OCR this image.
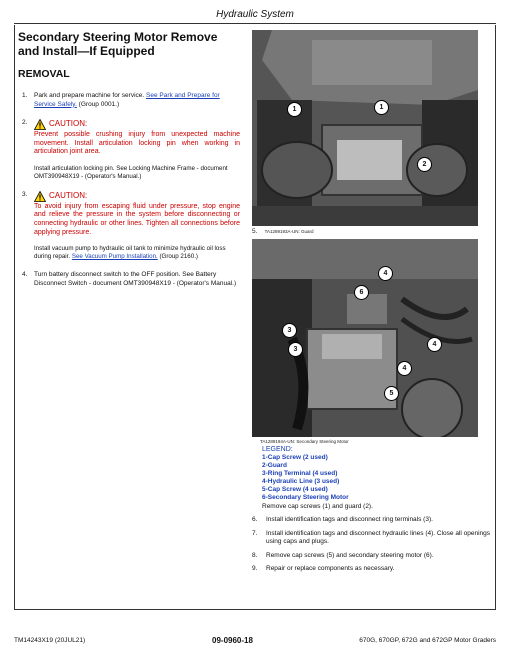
Hydraulic System
Secondary Steering Motor Remove and Install—If Equipped
REMOVAL
1. Park and prepare machine for service. See Park and Prepare for Service Safely. (Group 0001.)
2.	CAUTION:
Prevent possible crushing injury from unexpected machine movement. Install articulation locking pin when working in articulation joint area.
Install articulation locking pin. See Locking Machine Frame - document OMT390948X19 - (Operator's Manual.)
3.	CAUTION:
To avoid injury from escaping fluid under pressure, stop engine and relieve the pressure in the system before disconnecting or connecting hydraulic or other lines. Tighten all connections before applying pressure.
Install vacuum pump to hydraulic oil tank to minimize hydraulic oil loss during repair. See Vacuum Pump Installation. (Group 2160.)
4. Turn battery disconnect switch to the OFF position. See Battery Disconnect Switch - document OMT390948X19 - (Operator's Manual.)
1	1
2
5. TA1289193A-UN: Guard
4
6
4
3
3
4
5
TA1289194A-UN: Secondary Steering Motor
LEGEND:
1-Cap Screw (2 used)
2-Guard
3-Ring Terminal (4 used)
4-Hydraulic Line (3 used)
5-Cap Screw (4 used)
6-Secondary Steering Motor
Remove cap screws (1) and guard (2).
6. Install identification tags and disconnect ring terminals (3).
7. Install identification tags and disconnect hydraulic lines (4). Close all openings using caps and plugs.
8. Remove cap screws (5) and secondary steering motor (6).
9. Repair or replace components as necessary.
TM14243X19 (20JUL21)	09-0960-18	670G, 670GP, 672G and 672GP Motor Graders
